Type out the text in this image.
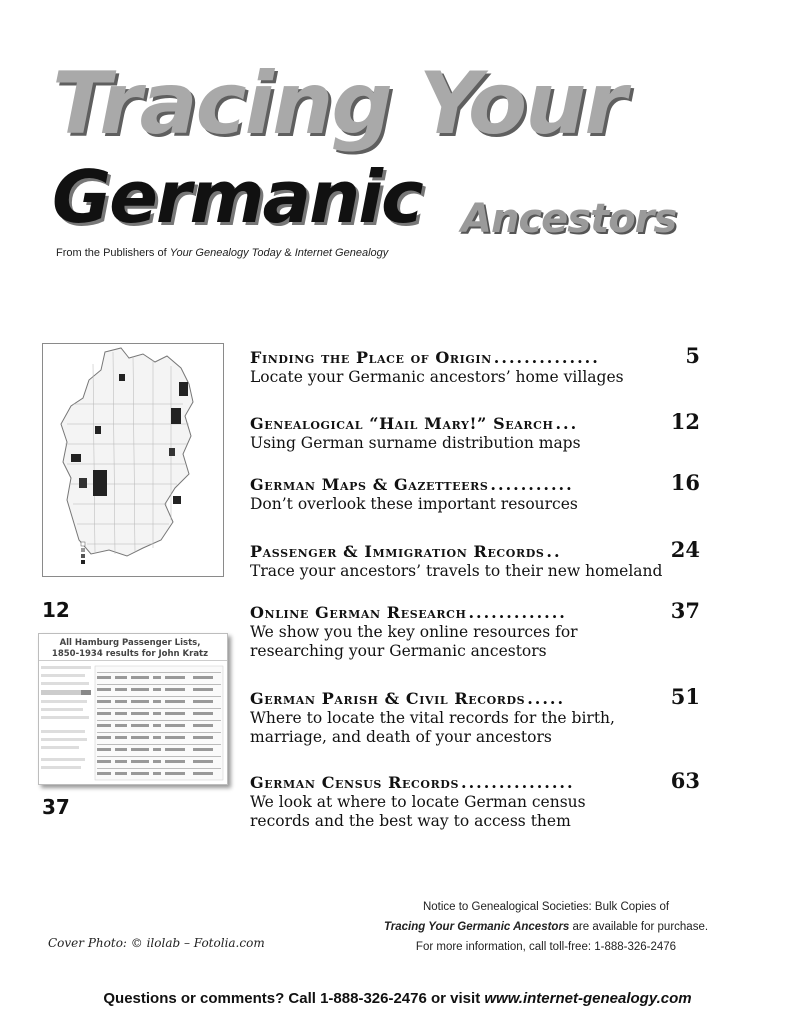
Tracing Your
Germanic Ancestors
From the Publishers of Your Genealogy Today & Internet Genealogy
12
All Hamburg Passenger Lists, 1850-1934 results for John Kratz
37
Finding the Place of Origin ..............	5
Locate your Germanic ancestors’ home villages
Genealogical “Hail Mary!” Search ...	12
Using German surname distribution maps
German Maps & Gazetteers ...........	16
Don’t overlook these important resources
Passenger & Immigration Records ..	24
Trace your ancestors’ travels to their new homeland
Online German Research .............	37
We show you the key online resources for
researching your Germanic ancestors
German Parish & Civil Records .....	51
Where to locate the vital records for the birth,
marriage, and death of your ancestors
German Census Records ...............	63
We look at where to locate German census
records and the best way to access them
Notice to Genealogical Societies: Bulk Copies of
Tracing Your Germanic Ancestors are available for purchase.
For more information, call toll-free: 1-888-326-2476
Cover Photo: © ilolab – Fotolia.com
Questions or comments? Call 1-888-326-2476 or visit www.internet-genealogy.com
